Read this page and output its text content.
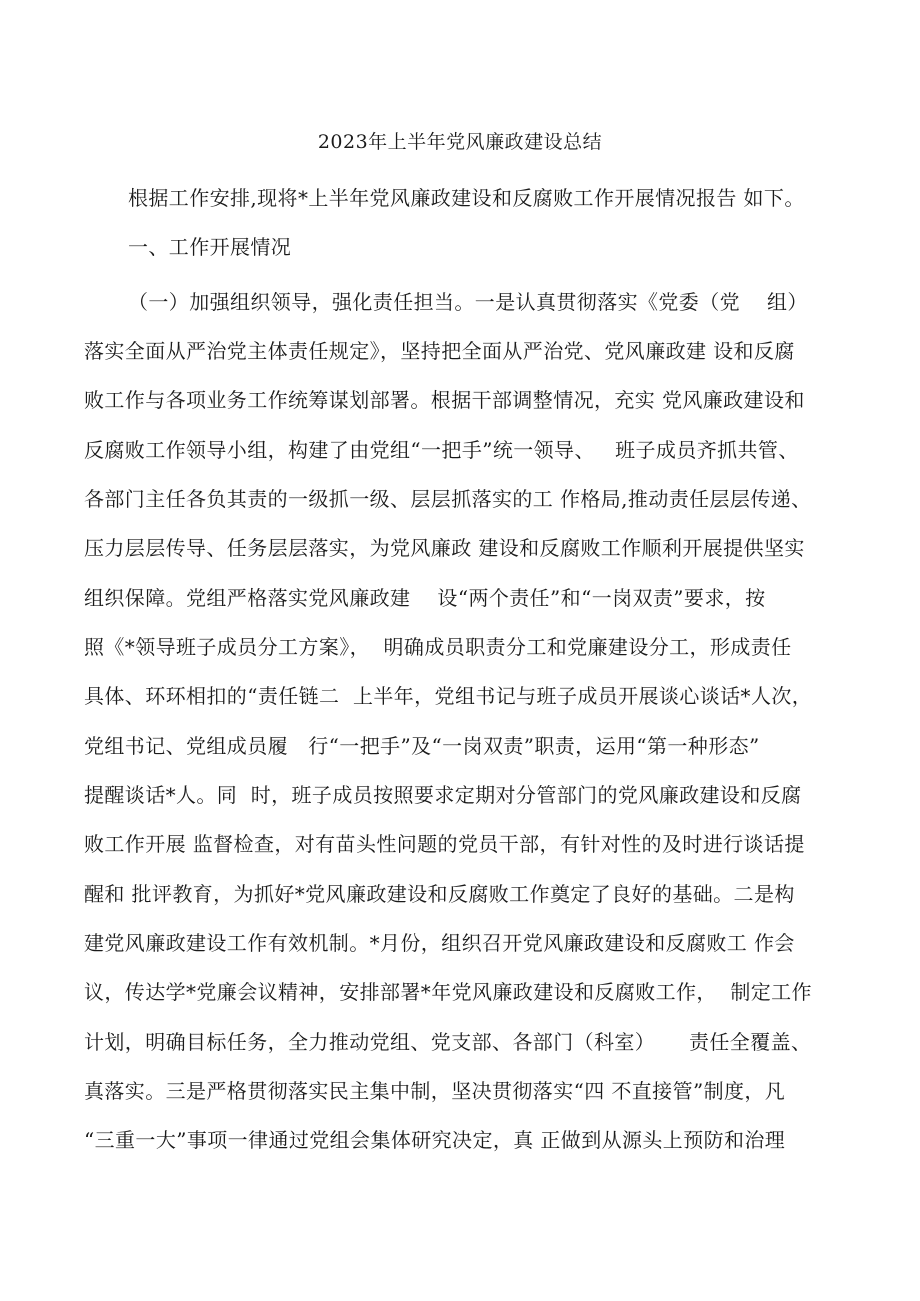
2023年上半年党风廉政建设总结
根据工作安排,现将*上半年党风廉政建设和反腐败工作开展情况报告 如下。
一、工作开展情况
（一）加强组织领导，强化责任担当。一是认真贯彻落实《党委（党    组）
落实全面从严治党主体责任规定》，坚持把全面从严治党、党风廉政建 设和反腐
败工作与各项业务工作统筹谋划部署。根据干部调整情况，充实 党风廉政建设和
反腐败工作领导小组，构建了由党组“一把手”统一领导、   班子成员齐抓共管、
各部门主任各负其责的一级抓一级、层层抓落实的工 作格局,推动责任层层传递、
压力层层传导、任务层层落实，为党风廉政 建设和反腐败工作顺利开展提供坚实
组织保障。党组严格落实党风廉政建    设“两个责任”和“一岗双责”要求，按
照《*领导班子成员分工方案》，  明确成员职责分工和党廉建设分工，形成责任
具体、环环相扣的“责任链二  上半年，党组书记与班子成员开展谈心谈话*人次，
党组书记、党组成员履   行“一把手”及“一岗双责”职责，运用“第一种形态”
提醒谈话*人。同  时，班子成员按照要求定期对分管部门的党风廉政建设和反腐
败工作开展 监督检查，对有苗头性问题的党员干部，有针对性的及时进行谈话提
醒和 批评教育，为抓好*党风廉政建设和反腐败工作奠定了良好的基础。二是构
建党风廉政建设工作有效机制。*月份，组织召开党风廉政建设和反腐败工 作会
议，传达学*党廉会议精神，安排部署*年党风廉政建设和反腐败工作，  制定工作
计划，明确目标任务，全力推动党组、党支部、各部门（科室）     责任全覆盖、
真落实。三是严格贯彻落实民主集中制，坚决贯彻落实“四 不直接管”制度，凡
“三重一大”事项一律通过党组会集体研究决定，真 正做到从源头上预防和治理
